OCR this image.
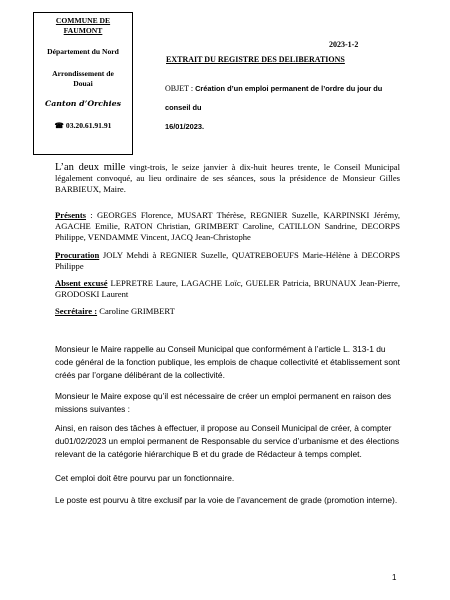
COMMUNE DE
FAUMONT
Département du Nord
Arrondissement de
Douai
Canton d’Orchies
☎ 03.20.61.91.91
2023-1-2
EXTRAIT DU REGISTRE DES DELIBERATIONS
OBJET : Création d’un emploi permanent de l’ordre du jour du conseil du
16/01/2023.
L’an deux mille vingt-trois, le seize janvier à dix-huit heures trente, le Conseil Municipal légalement convoqué, au lieu ordinaire de ses séances, sous la présidence de Monsieur Gilles BARBIEUX, Maire.
Présents : GEORGES Florence, MUSART Thérèse, REGNIER Suzelle, KARPINSKI Jérémy, AGACHE Emilie, RATON Christian, GRIMBERT Caroline, CATILLON Sandrine, DECORPS Philippe, VENDAMME Vincent, JACQ Jean-Christophe
Procuration JOLY Mehdi à REGNIER Suzelle, QUATREBOEUFS Marie-Hélène à DECORPS Philippe
Absent excusé LEPRETRE Laure, LAGACHE Loïc, GUELER Patricia, BRUNAUX Jean-Pierre, GRODOSKI Laurent
Secrétaire : Caroline GRIMBERT
Monsieur le Maire rappelle au Conseil Municipal que conformément à l’article L. 313-1 du code général de la fonction publique, les emplois de chaque collectivité et établissement sont créés par l’organe délibérant de la collectivité.
Monsieur le Maire expose qu’il est nécessaire de créer un emploi permanent en raison des missions suivantes :
Ainsi, en raison des tâches à effectuer, il propose au Conseil Municipal de créer, à compter du01/02/2023 un emploi permanent de Responsable du service d’urbanisme et des élections relevant de la catégorie hiérarchique B et du grade de Rédacteur à temps complet.
Cet emploi doit être pourvu par un fonctionnaire.
Le poste est pourvu à titre exclusif par la voie de l’avancement de grade (promotion interne).
1
